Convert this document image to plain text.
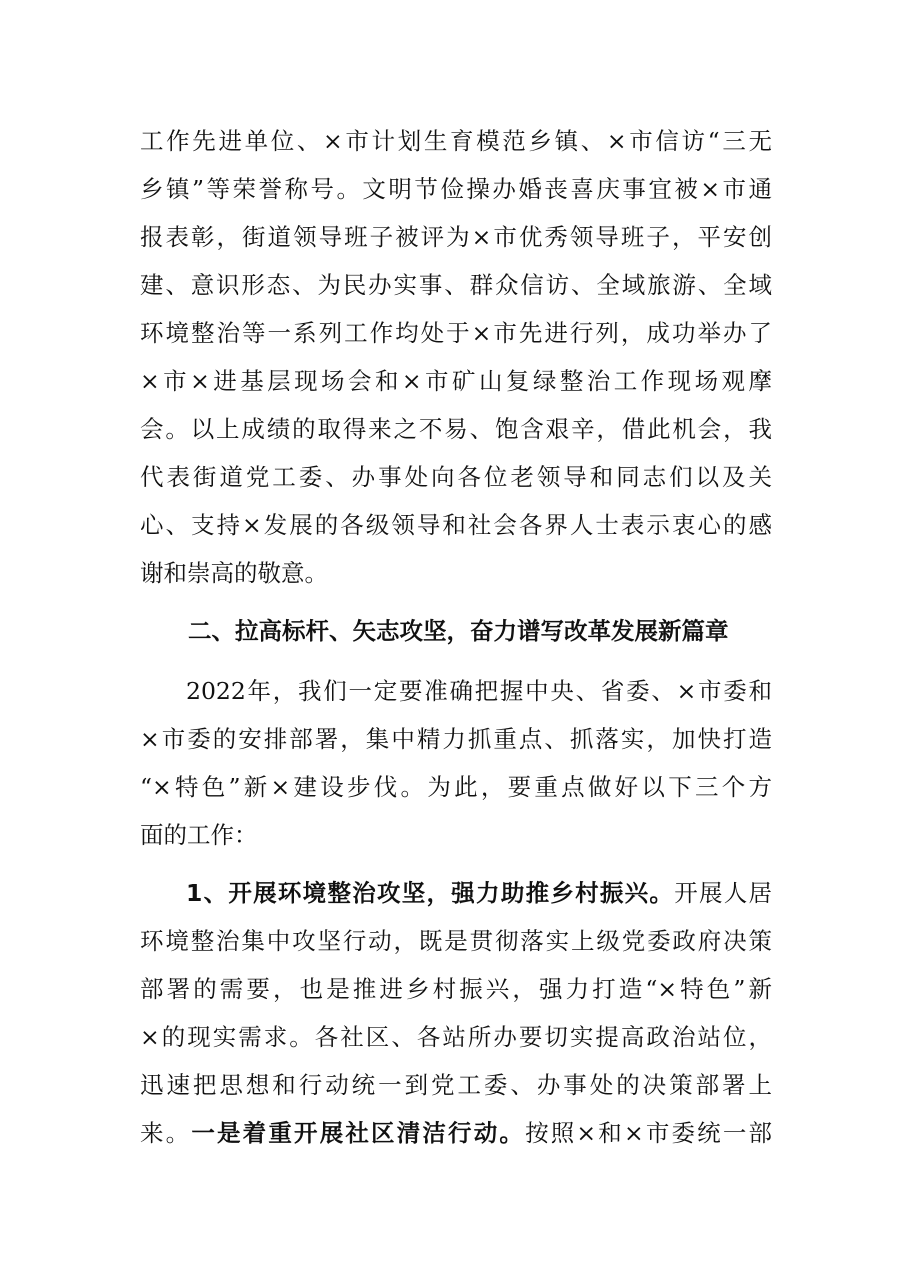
工作先进单位、×市计划生育模范乡镇、×市信访“三无
乡镇”等荣誉称号。文明节俭操办婚丧喜庆事宜被×市通
报表彰，街道领导班子被评为×市优秀领导班子，平安创
建、意识形态、为民办实事、群众信访、全域旅游、全域
环境整治等一系列工作均处于×市先进行列，成功举办了
×市×进基层现场会和×市矿山复绿整治工作现场观摩
会。以上成绩的取得来之不易、饱含艰辛，借此机会，我
代表街道党工委、办事处向各位老领导和同志们以及关
心、支持×发展的各级领导和社会各界人士表示衷心的感
谢和崇高的敬意。
二、拉高标杆、矢志攻坚，奋力谱写改革发展新篇章
2022年，我们一定要准确把握中央、省委、×市委和
×市委的安排部署，集中精力抓重点、抓落实，加快打造
“×特色”新×建设步伐。为此，要重点做好以下三个方
面的工作：
1、开展环境整治攻坚，强力助推乡村振兴。开展人居
环境整治集中攻坚行动，既是贯彻落实上级党委政府决策
部署的需要，也是推进乡村振兴，强力打造“×特色”新
×的现实需求。各社区、各站所办要切实提高政治站位，
迅速把思想和行动统一到党工委、办事处的决策部署上
来。一是着重开展社区清洁行动。按照×和×市委统一部
